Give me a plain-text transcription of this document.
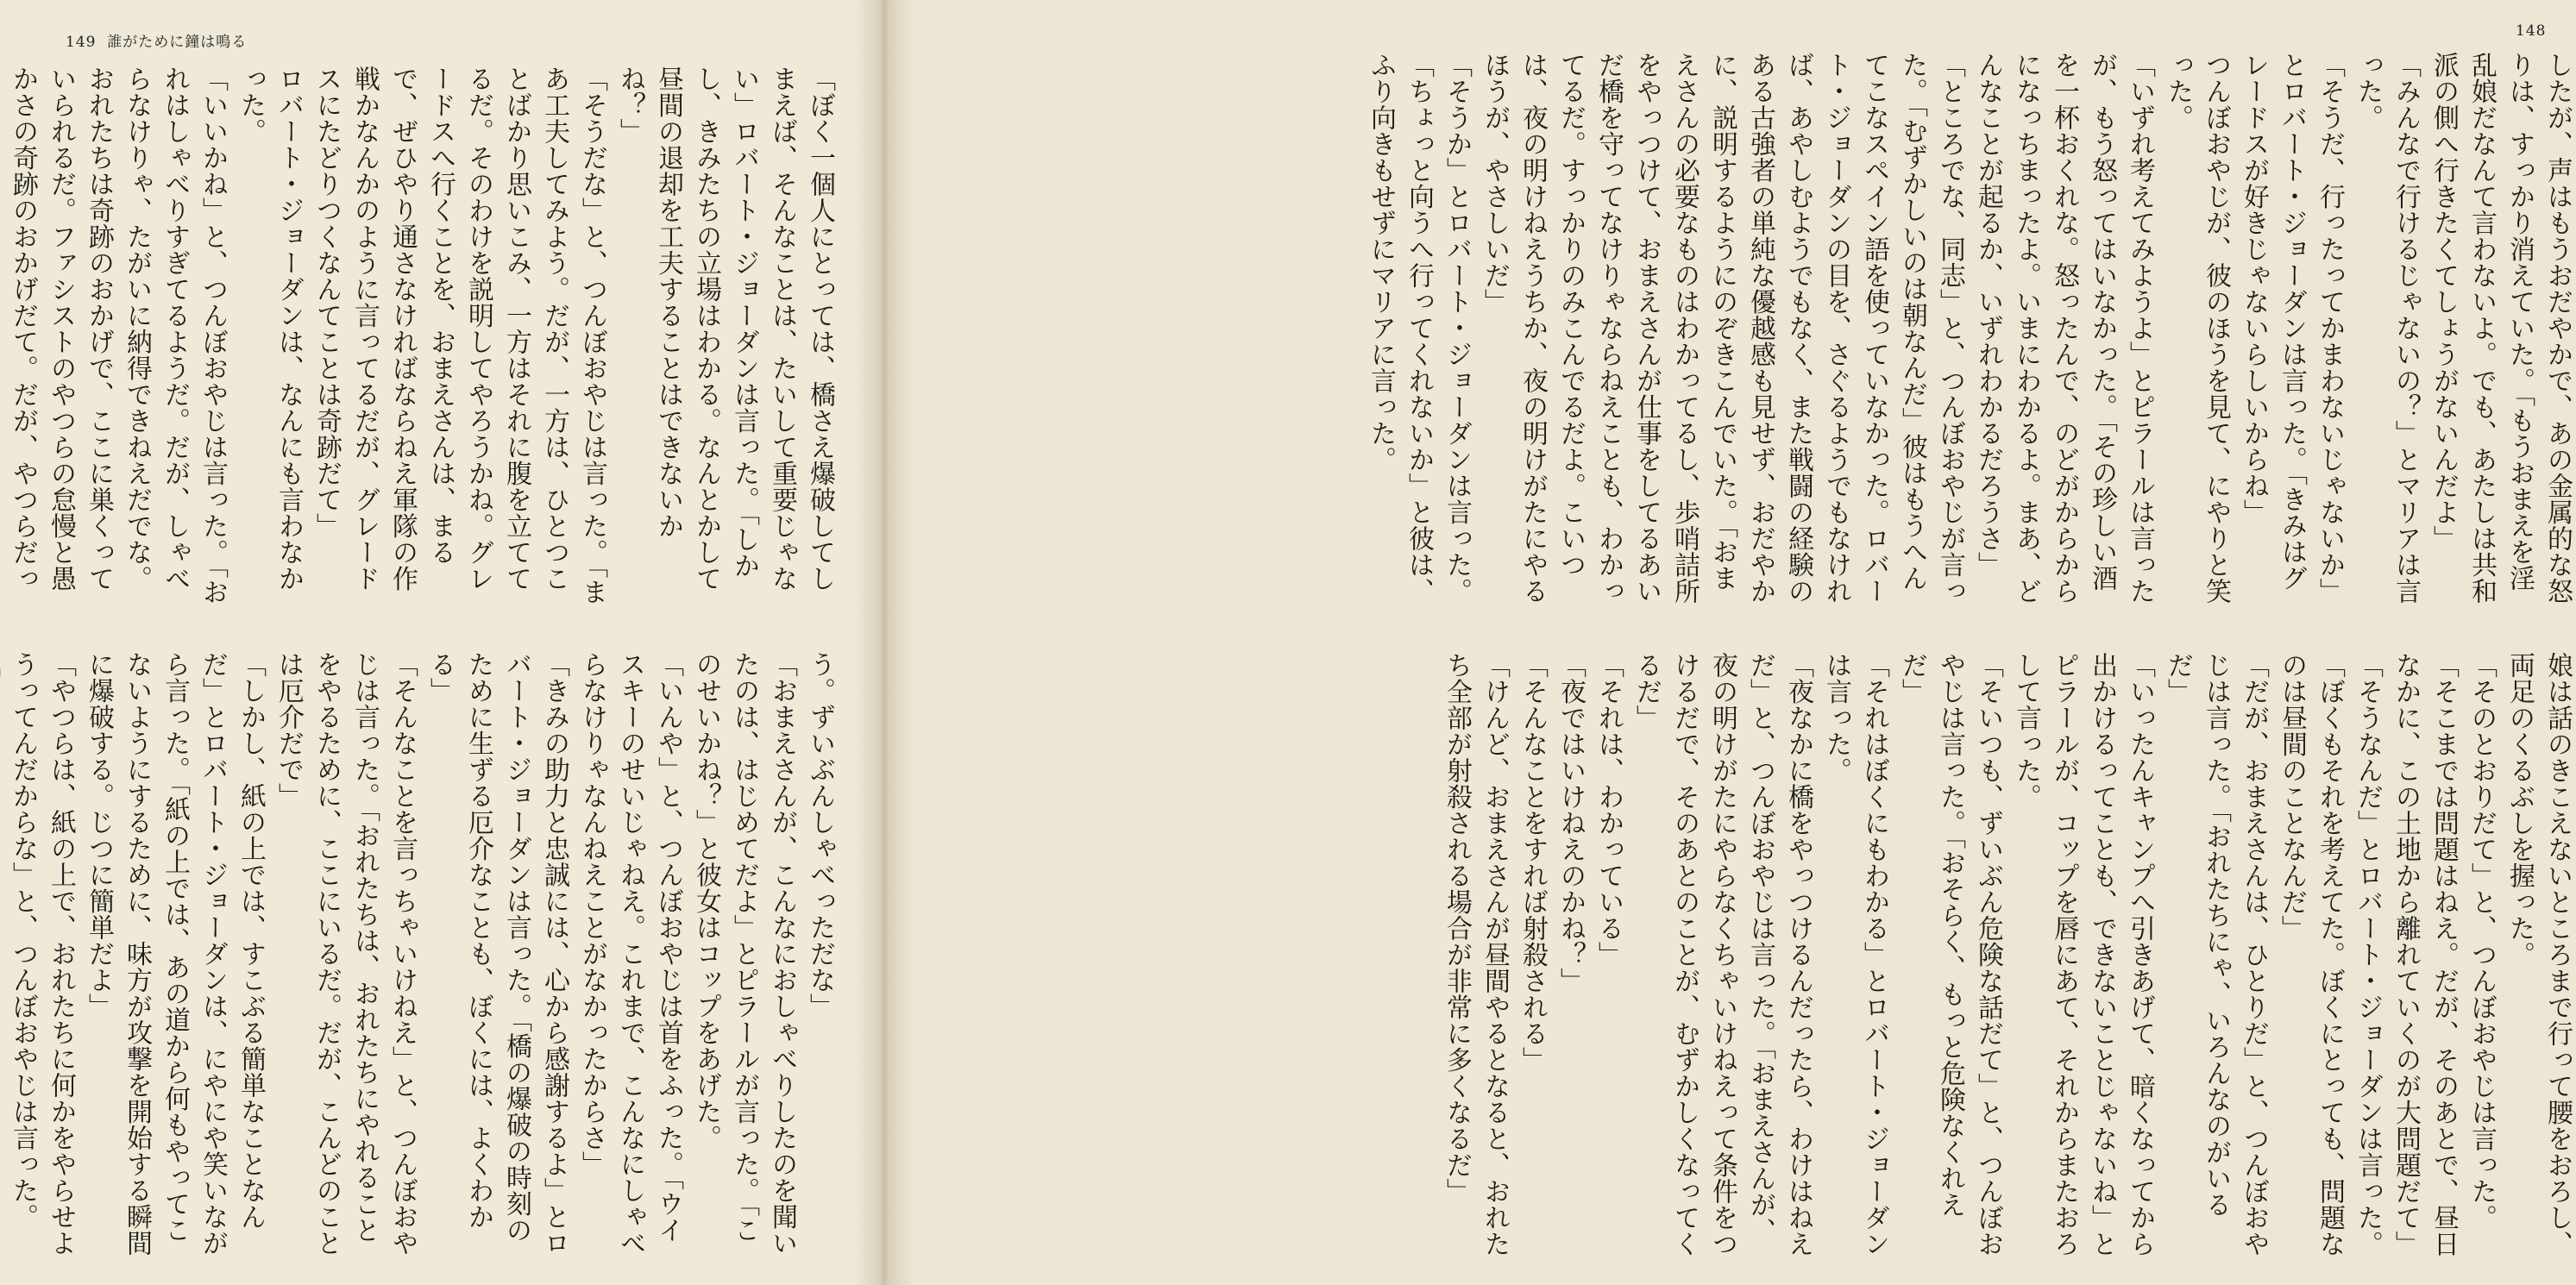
149 誰がために鐘は鳴る
「ぼく一個人にとっては、橋さえ爆破してしまえば、そんなことは、たいして重要じゃない」ロバート・ジョーダンは言った。「しかし、きみたちの立場はわかる。なんとかして昼間の退却を工夫することはできないかね？」
「そうだな」と、つんぼおやじは言った。「まあ工夫してみよう。だが、一方は、ひとつことばかり思いこみ、一方はそれに腹を立ててるだ。そのわけを説明してやろうかね。グレードスへ行くことを、おまえさんは、まるで、ぜひやり通さなければならねえ軍隊の作戦かなんかのように言ってるだが、グレードスにたどりつくなんてことは奇跡だて」
ロバート・ジョーダンは、なんにも言わなかった。
「いいかね」と、つんぼおやじは言った。「おれはしゃべりすぎてるようだ。だが、しゃべらなけりゃ、たがいに納得できねえだでな。おれたちは奇跡のおかげで、ここに巣くっていられるだ。ファシストのやつらの怠慢と愚かさの奇跡のおかげだて。だが、やつらだっ

う。ずいぶんしゃべっただな」
「おまえさんが、こんなにおしゃべりしたのを聞いたのは、はじめてだよ」とピラールが言った。「このせいかね？」と彼女はコップをあげた。
「いんや」と、つんぼおやじは首をふった。「ウイスキーのせいじゃねえ。これまで、こんなにしゃべらなけりゃなんねえことがなかったからさ」
「きみの助力と忠誠には、心から感謝するよ」とロバート・ジョーダンは言った。「橋の爆破の時刻のために生ずる厄介なことも、ぼくには、よくわかる」
「そんなことを言っちゃいけねえ」と、つんぼおやじは言った。「おれたちは、おれたちにやれることをやるために、ここにいるだ。だが、こんどのことは厄介だで」
「しかし、紙の上では、すこぶる簡単なことなんだ」とロバート・ジョーダンは、にやにや笑いながら言った。「紙の上では、あの道から何もやってこないようにするために、味方が攻撃を開始する瞬間に爆破する。じつに簡単だよ」
「やつらは、紙の上で、おれたちに何かをやらせようってんだからな」と、つんぼおやじは言った。

148
したが、声はもうおだやかで、あの金属的な怒りは、すっかり消えていた。「もうおまえを淫乱娘だなんて言わないよ。でも、あたしは共和派の側へ行きたくてしょうがないんだよ」
「みんなで行けるじゃないの？」とマリアは言った。
「そうだ、行ったってかまわないじゃないか」とロバート・ジョーダンは言った。「きみはグレードスが好きじゃないらしいからね」
つんぼおやじが、彼のほうを見て、にやりと笑った。
「いずれ考えてみようよ」とピラールは言ったが、もう怒ってはいなかった。「その珍しい酒を一杯おくれな。怒ったんで、のどがからからになっちまったよ。いまにわかるよ。まあ、どんなことが起るか、いずれわかるだろうさ」
「ところでな、同志」と、つんぼおやじが言った。「むずかしいのは朝なんだ」彼はもうへんてこなスペイン語を使っていなかった。ロバート・ジョーダンの目を、さぐるようでもなければ、あやしむようでもなく、また戦闘の経験のある古強者の単純な優越感も見せず、おだやかに、説明するようにのぞきこんでいた。「おまえさんの必要なものはわかってるし、歩哨詰所をやっつけて、おまえさんが仕事をしてるあいだ橋を守ってなけりゃならねえことも、わかってるだ。すっかりのみこんでるだよ。こいつは、夜の明けねえうちか、夜の明けがたにやるほうが、やさしいだ」
「そうか」とロバート・ジョーダンは言った。「ちょっと向うへ行ってくれないか」と彼は、ふり向きもせずにマリアに言った。
娘は話のきこえないところまで行って腰をおろし、両足のくるぶしを握った。
「そのとおりだて」と、つんぼおやじは言った。「そこまでは問題はねえ。だが、そのあとで、昼日なかに、この土地から離れていくのが大問題だて」
「そうなんだ」とロバート・ジョーダンは言った。「ぼくもそれを考えてた。ぼくにとっても、問題なのは昼間のことなんだ」
「だが、おまえさんは、ひとりだ」と、つんぼおやじは言った。「おれたちにゃ、いろんなのがいるだ」
「いったんキャンプへ引きあげて、暗くなってから出かけるってことも、できないことじゃないね」とピラールが、コップを唇にあて、それからまたおろして言った。
「そいつも、ずいぶん危険な話だて」と、つんぼおやじは言った。「おそらく、もっと危険なくれえだ」
「それはぼくにもわかる」とロバート・ジョーダンは言った。
「夜なかに橋をやっつけるんだったら、わけはねえだ」と、つんぼおやじは言った。「おまえさんが、夜の明けがたにやらなくちゃいけねえって条件をつけるだで、そのあとのことが、むずかしくなってくるだ」
「それは、わかっている」
「夜ではいけねえのかね？」
「そんなことをすれば射殺される」
「けんど、おまえさんが昼間やるとなると、おれたち全部が射殺される場合が非常に多くなるだ」
